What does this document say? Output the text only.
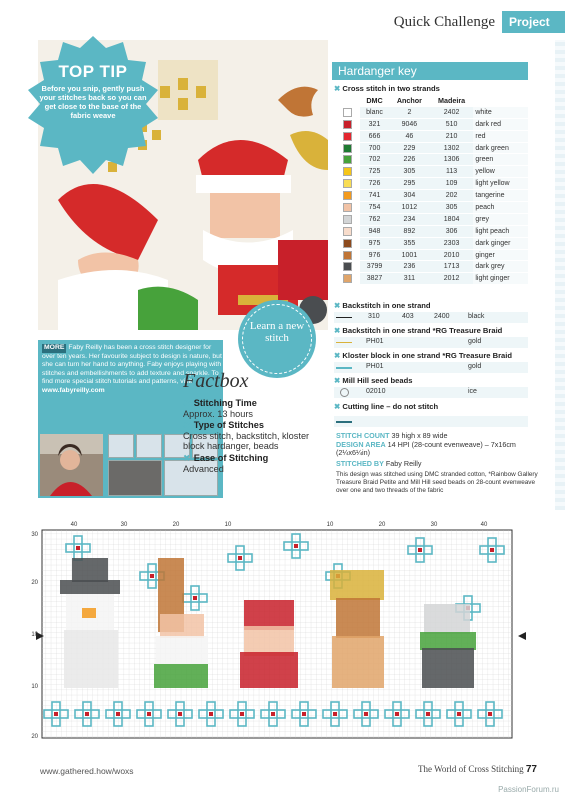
Quick Challenge	Project
TOP TIP
Before you snip, gently push your stitches back so you can get close to the base of the fabric weave
Hardanger key
✖ Cross stitch in two strands
	DMC	Anchor	Madeira	
	blanc	2	2402	white
	321	9046	510	dark red
	666	46	210	red
	700	229	1302	dark green
	702	226	1306	green
	725	305	113	yellow
	726	295	109	light yellow
	741	304	202	tangerine
	754	1012	305	peach
	762	234	1804	grey
	948	892	306	light peach
	975	355	2303	dark ginger
	976	1001	2010	ginger
	3799	236	1713	dark grey
	3827	311	2012	light ginger
✖ Backstitch in one strand
310	403	2400	black
✖ Backstitch in one strand *RG Treasure Braid
PH01	gold
✖ Kloster block in one strand *RG Treasure Braid
PH01	gold
✖ Mill Hill seed beads
02010	ice
✖ Cutting line – do not stitch
STITCH COUNT 39 high x 89 wide
DESIGN AREA 14 HPI (28-count evenweave) – 7x16cm (2¼x6¼in)
STITCHED BY Faby Reilly
This design was stitched using DMC stranded cotton, *Rainbow Gallery Treasure Braid Petite and Mill Hill seed beads on 28-count evenweave over one and two threads of the fabric
MORE Faby Reilly has been a cross stitch designer for over ten years. Her favourite subject to design is nature, but she can turn her hand to anything. Faby enjoys playing with stitches and embellishments to add texture and sparkle. To find more special stitch tutorials and patterns, visit www.fabyreilly.com
Learn a new stitch
Factbox
✖ Stitching Time
Approx. 13 hours
✖ Type of Stitches
Cross stitch, backstitch, kloster block hardanger, beads
✖ Ease of Stitching
Advanced
40	30	20	10	10	20	30	40
30
20
10
10
20
www.gathered.how/woxs	The World of Cross Stitching 77
PassionForum.ru
